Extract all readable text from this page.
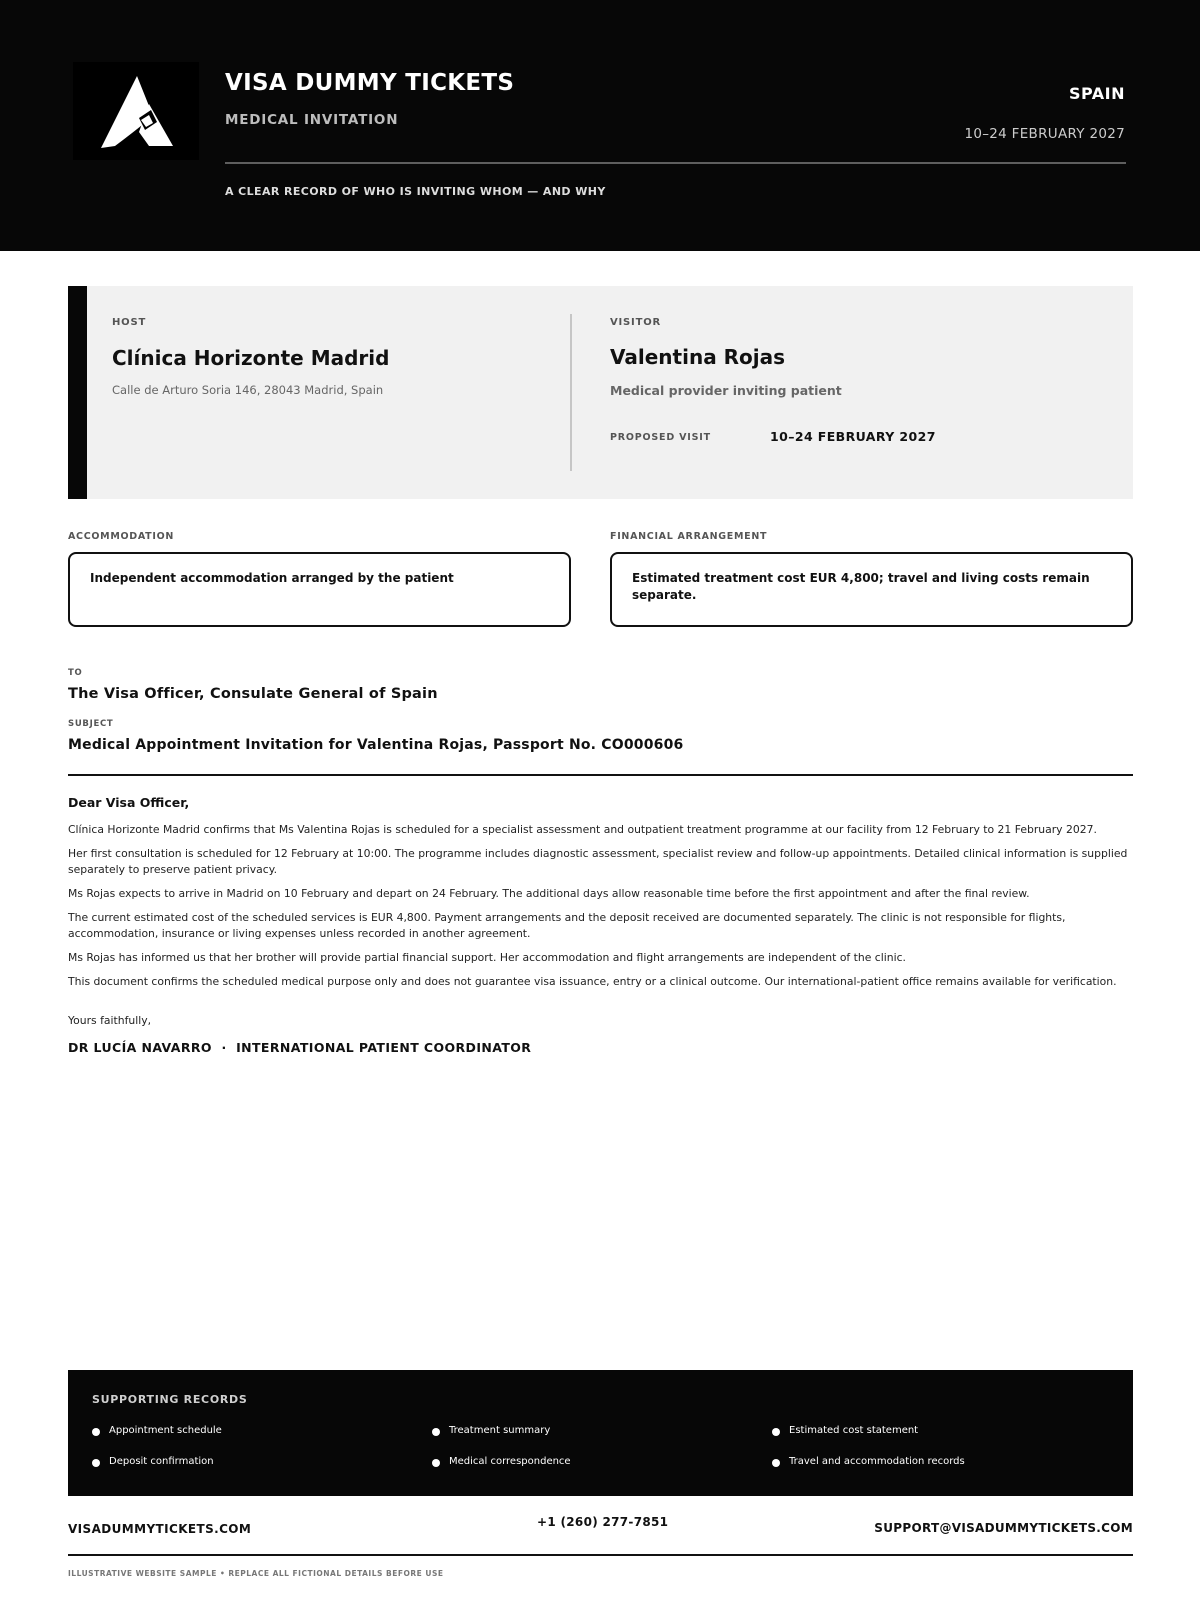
VISA DUMMY TICKETS
MEDICAL INVITATION
SPAIN
10–24 FEBRUARY 2027
A CLEAR RECORD OF WHO IS INVITING WHOM — AND WHY
HOST
Clínica Horizonte Madrid
Calle de Arturo Soria 146, 28043 Madrid, Spain
VISITOR
Valentina Rojas
Medical provider inviting patient
PROPOSED VISIT	10–24 FEBRUARY 2027
ACCOMMODATION
Independent accommodation arranged by the patient
FINANCIAL ARRANGEMENT
Estimated treatment cost EUR 4,800; travel and living costs remain separate.
TO
The Visa Officer, Consulate General of Spain
SUBJECT
Medical Appointment Invitation for Valentina Rojas, Passport No. CO000606
Dear Visa Officer,

Clínica Horizonte Madrid confirms that Ms Valentina Rojas is scheduled for a specialist assessment and outpatient treatment programme at our facility from 12 February to 21 February 2027.

Her first consultation is scheduled for 12 February at 10:00. The programme includes diagnostic assessment, specialist review and follow-up appointments. Detailed clinical information is supplied separately to preserve patient privacy.

Ms Rojas expects to arrive in Madrid on 10 February and depart on 24 February. The additional days allow reasonable time before the first appointment and after the final review.

The current estimated cost of the scheduled services is EUR 4,800. Payment arrangements and the deposit received are documented separately. The clinic is not responsible for flights, accommodation, insurance or living expenses unless recorded in another agreement.

Ms Rojas has informed us that her brother will provide partial financial support. Her accommodation and flight arrangements are independent of the clinic.

This document confirms the scheduled medical purpose only and does not guarantee visa issuance, entry or a clinical outcome. Our international-patient office remains available for verification.

Yours faithfully,
DR LUCÍA NAVARRO  ·  INTERNATIONAL PATIENT COORDINATOR
SUPPORTING RECORDS
Appointment schedule	Treatment summary	Estimated cost statement
Deposit confirmation	Medical correspondence	Travel and accommodation records
VISADUMMYTICKETS.COM	+1 (260) 277-7851	SUPPORT@VISADUMMYTICKETS.COM
ILLUSTRATIVE WEBSITE SAMPLE • REPLACE ALL FICTIONAL DETAILS BEFORE USE
